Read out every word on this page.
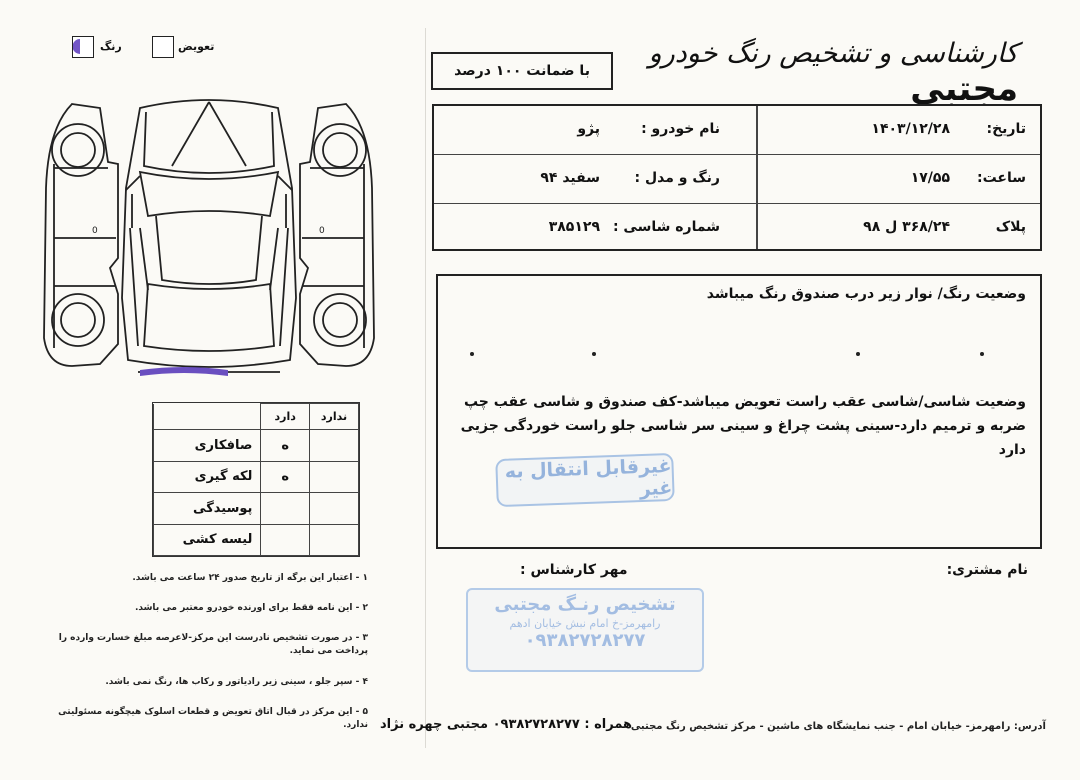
رنگ	تعویض	کارشناسی و تشخیص رنگ خودرو مجتبی
با ضمانت ۱۰۰ درصد
0	0
تاریخ:
۱۴۰۳/۱۲/۲۸
نام خودرو :
پژو
ساعت:
۱۷/۵۵
رنگ و مدل :
سفید ۹۴
پلاک
۳۶۸/۲۴ ل ۹۸
شماره شاسی :
۳۸۵۱۲۹
وضعیت رنگ/ نوار زیر درب صندوق رنگ میباشد
وضعیت شاسی/شاسی عقب راست تعویض میباشد-کف صندوق و شاسی عقب چپ ضربه و ترمیم دارد-سینی پشت چراغ و سینی سر شاسی جلو راست خوردگی جزیی دارد
غیرقابل انتقال به غیر
	دارد	ندارد
صافکاری	ه	
لکه گیری	ه	
پوسیدگی		
لیسه کشی		
۱ - اعتبار این برگه از تاریخ صدور ۲۴ ساعت می باشد.
۲ - این نامه فقط برای اورنده خودرو معتبر می باشد.
۳ - در صورت تشخیص نادرست این مرکز-لاعرصه مبلغ خسارت وارده را پرداخت می نماید.
۴ - سپر جلو ، سینی زیر رادیاتور و رکاب ها، رنگ نمی باشد.
۵ - این مرکز در قبال اتاق تعویض و قطعات اسلوک هیچگونه مسئولیتی ندارد.
نام مشتری:
مهر کارشناس :
تشخیص رنـگ مجتبی
رامهرمز-خ امام نبش خیابان ادهم
۰۹۳۸۲۷۲۸۲۷۷
آدرس: رامهرمز- خیابان امام - جنب نمایشگاه های ماشین - مرکز تشخیص رنگ مجتبی
همراه : ۰۹۳۸۲۷۲۸۲۷۷ مجتبی چهره نژاد
